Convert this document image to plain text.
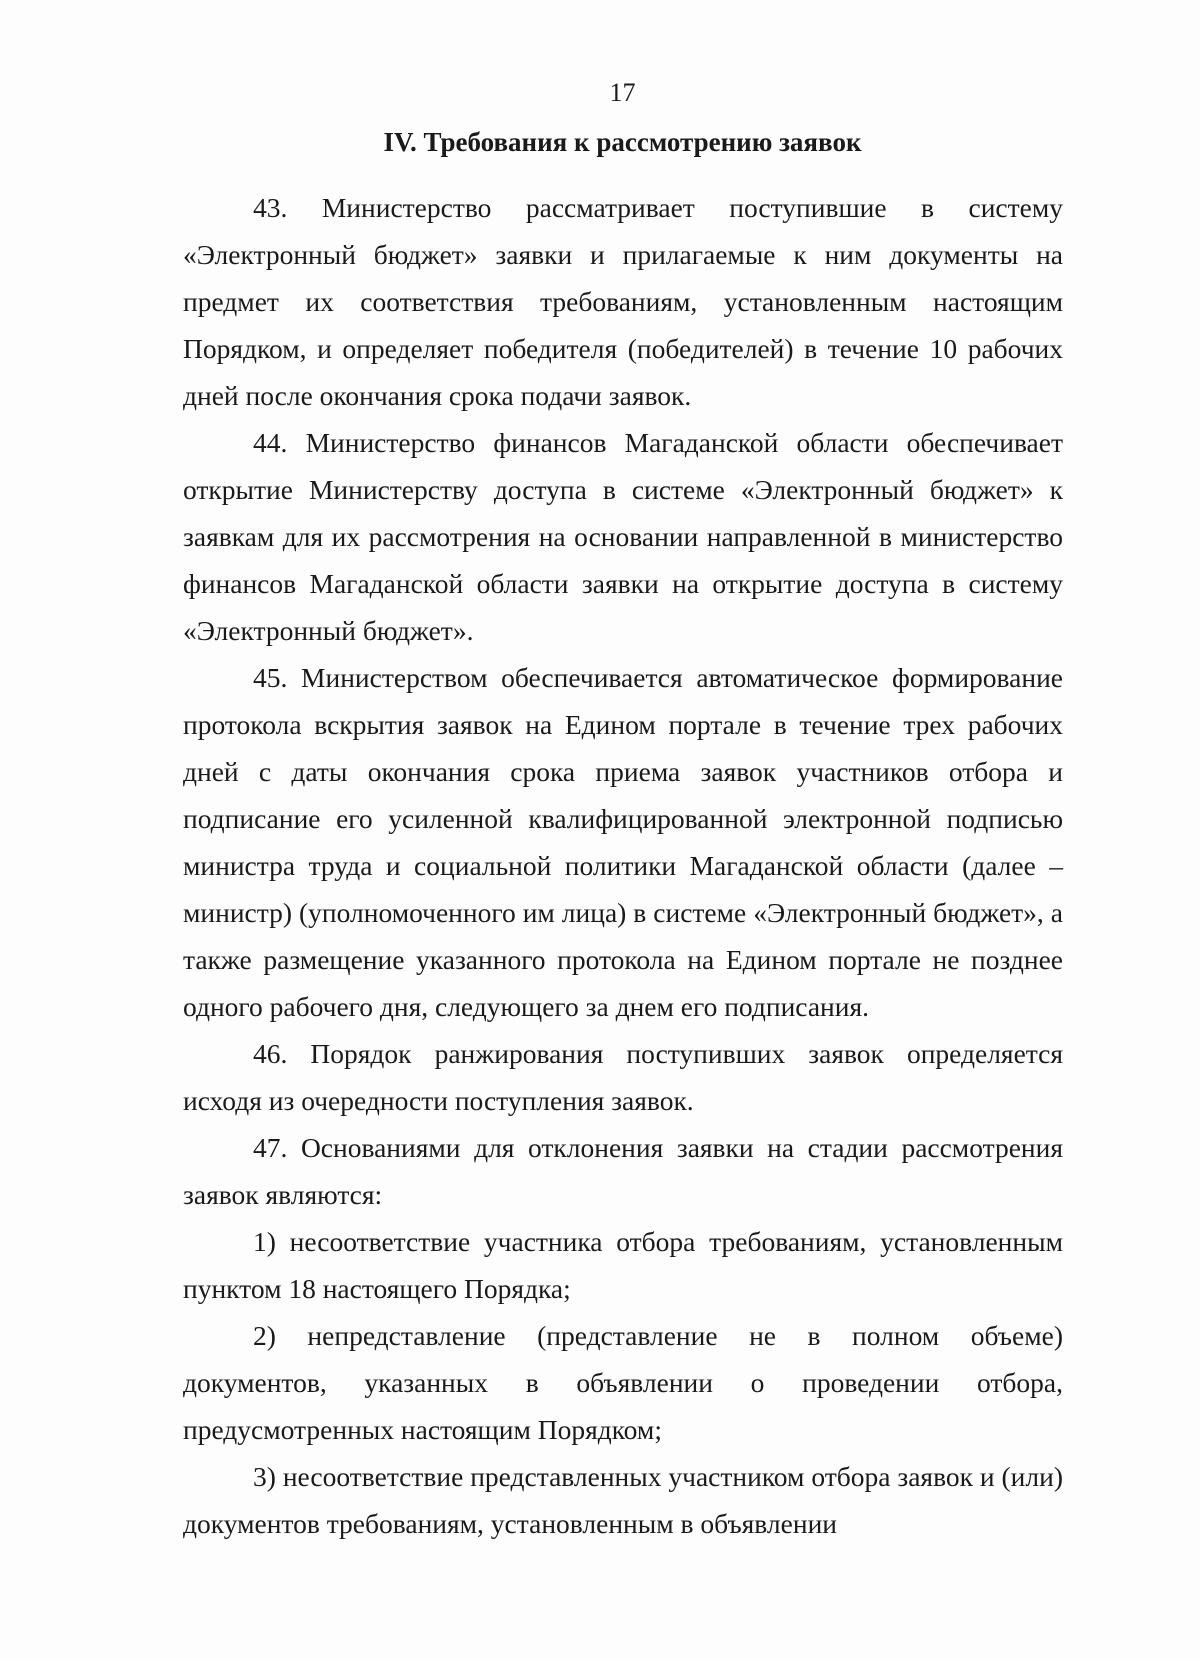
17
IV. Требования к рассмотрению заявок

43. Министерство рассматривает поступившие в систему «Электронный бюджет» заявки и прилагаемые к ним документы на предмет их соответствия требованиям, установленным настоящим Порядком, и определяет победителя (победителей) в течение 10 рабочих дней после окончания срока подачи заявок.

44. Министерство финансов Магаданской области обеспечивает открытие Министерству доступа в системе «Электронный бюджет» к заявкам для их рассмотрения на основании направленной в министерство финансов Магаданской области заявки на открытие доступа в систему «Электронный бюджет».

45. Министерством обеспечивается автоматическое формирование протокола вскрытия заявок на Едином портале в течение трех рабочих дней с даты окончания срока приема заявок участников отбора и подписание его усиленной квалифицированной электронной подписью министра труда и социальной политики Магаданской области (далее – министр) (уполномоченного им лица) в системе «Электронный бюджет», а также размещение указанного протокола на Едином портале не позднее одного рабочего дня, следующего за днем его подписания.

46. Порядок ранжирования поступивших заявок определяется исходя из очередности поступления заявок.

47. Основаниями для отклонения заявки на стадии рассмотрения заявок являются:

1) несоответствие участника отбора требованиям, установленным пунктом 18 настоящего Порядка;

2) непредставление (представление не в полном объеме) документов, указанных в объявлении о проведении отбора, предусмотренных настоящим Порядком;

3) несоответствие представленных участником отбора заявок и (или) документов требованиям, установленным в объявлении
